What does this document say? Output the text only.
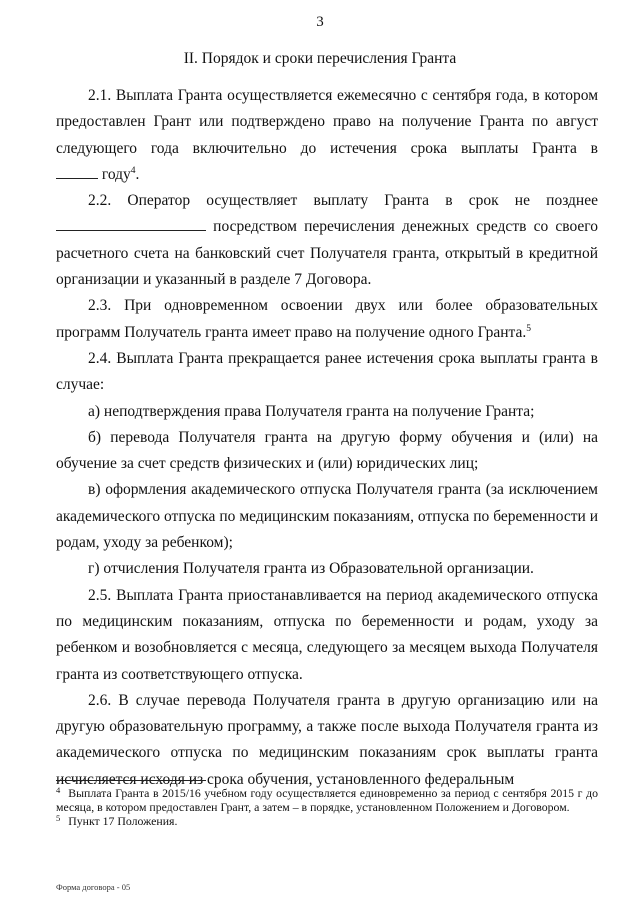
3
II. Порядок и сроки перечисления Гранта

2.1. Выплата Гранта осуществляется ежемесячно с сентября года, в котором предоставлен Грант или подтверждено право на получение Гранта по август следующего года включительно до истечения срока выплаты Гранта в  году$^4$.

2.2. Оператор осуществляет выплату Гранта в срок не позднее  посредством перечисления денежных средств со своего расчетного счета на банковский счет Получателя гранта, открытый в кредитной организации и указанный в разделе 7 Договора.

2.3. При одновременном освоении двух или более образовательных программ Получатель гранта имеет право на получение одного Гранта.$^5$

2.4. Выплата Гранта прекращается ранее истечения срока выплаты гранта в случае:

а) неподтверждения права Получателя гранта на получение Гранта;

б) перевода Получателя гранта на другую форму обучения и (или) на обучение за счет средств физических и (или) юридических лиц;

в) оформления академического отпуска Получателя гранта (за исключением академического отпуска по медицинским показаниям, отпуска по беременности и родам, уходу за ребенком);

г) отчисления Получателя гранта из Образовательной организации.

2.5. Выплата Гранта приостанавливается на период академического отпуска по медицинским показаниям, отпуска по беременности и родам, уходу за ребенком и возобновляется с месяца, следующего за месяцем выхода Получателя гранта из соответствующего отпуска.

2.6. В случае перевода Получателя гранта в другую организацию или на другую образовательную программу, а также после выхода Получателя гранта из академического отпуска по медицинским показаниям срок выплаты гранта исчисляется исходя из срока обучения, установленного федеральным

$^4$ Выплата Гранта в 2015/16 учебном году осуществляется единовременно за период с сентября 2015 г до месяца, в котором предоставлен Грант, а затем – в порядке, установленном Положением и Договором.

$^5$ Пункт 17 Положения.

Форма договора - 05
